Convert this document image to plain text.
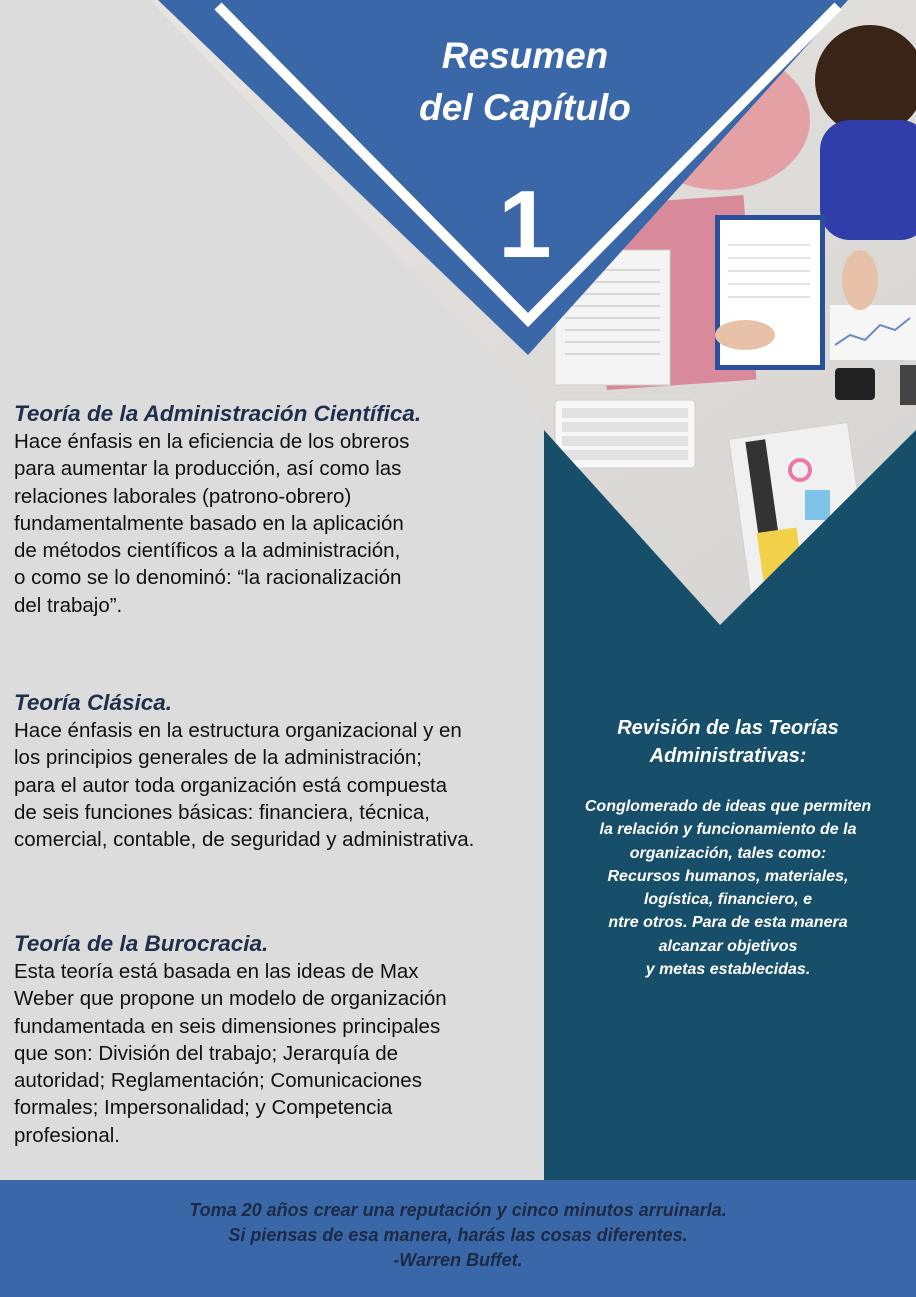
Resumen
del Capítulo
1
Teoría de la Administración Científica.

Hace énfasis en la eficiencia de los obreros
para aumentar la producción, así como las
relaciones laborales (patrono-obrero)
fundamentalmente basado en la aplicación
de métodos científicos a la administración,
o como se lo denominó: “la racionalización
del trabajo”.

Teoría Clásica.

Hace énfasis en la estructura organizacional y en
los principios generales de la administración;
para el autor toda organización está compuesta
de seis funciones básicas: financiera, técnica,
comercial, contable, de seguridad y administrativa.

Teoría de la Burocracia.

Esta teoría está basada en las ideas de Max
Weber que propone un modelo de organización
fundamentada en seis dimensiones principales
que son: División del trabajo; Jerarquía de
autoridad; Reglamentación; Comunicaciones
formales; Impersonalidad; y Competencia
profesional.

Revisión de las Teorías
Administrativas:
Conglomerado de ideas que permiten
la relación y funcionamiento de la
organización, tales como:
Recursos humanos, materiales,
logística, financiero, e
ntre otros. Para de esta manera
alcanzar objetivos
y metas establecidas.
Toma 20 años crear una reputación y cinco minutos arruinarla.
Si piensas de esa manera, harás las cosas diferentes.
-Warren Buffet.
